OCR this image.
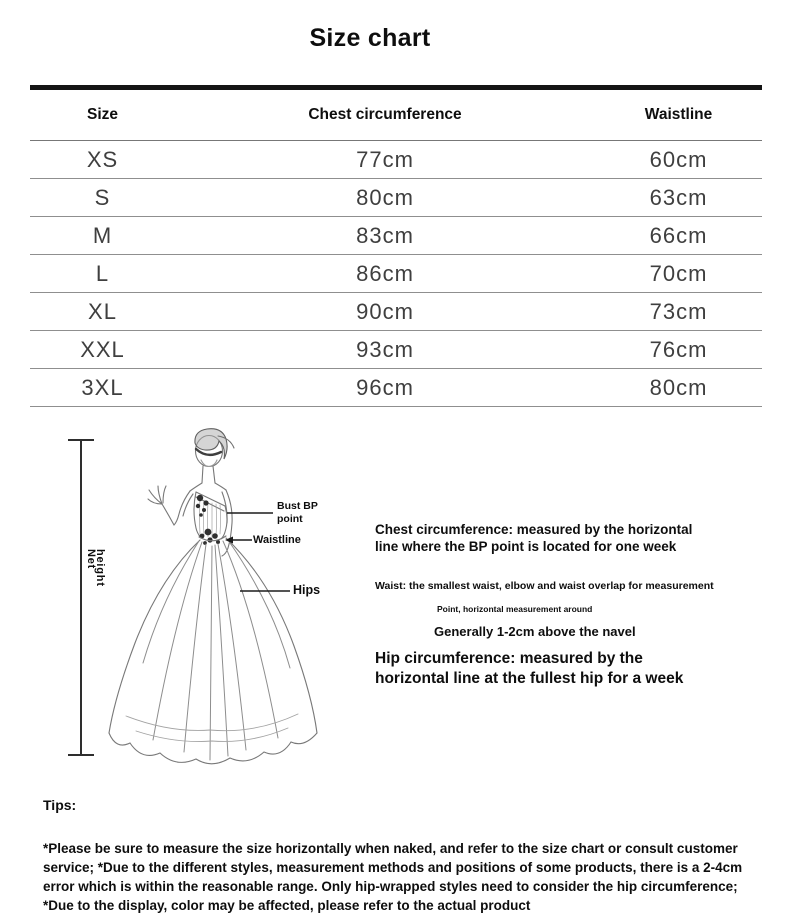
Size chart
Size	Chest circumference	Waistline
XS	77cm	60cm
S	80cm	63cm
M	83cm	66cm
L	86cm	70cm
XL	90cm	73cm
XXL	93cm	76cm
3XL	96cm	80cm
Net height
Bust BP point
Waistline
Hips
Chest circumference: measured by the horizontal
line where the BP point is located for one week
Waist: the smallest waist, elbow and waist overlap for measurement
Point, horizontal measurement around
Generally 1-2cm above the navel
Hip circumference: measured by the
horizontal line at the fullest hip for a week
Tips:

*Please be sure to measure the size horizontally when naked, and refer to the size chart or consult customer service; *Due to the different styles, measurement methods and positions of some products, there is a 2-4cm error which is within the reasonable range. Only hip-wrapped styles need to consider the hip circumference; *Due to the display, color may be affected, please refer to the actual product
